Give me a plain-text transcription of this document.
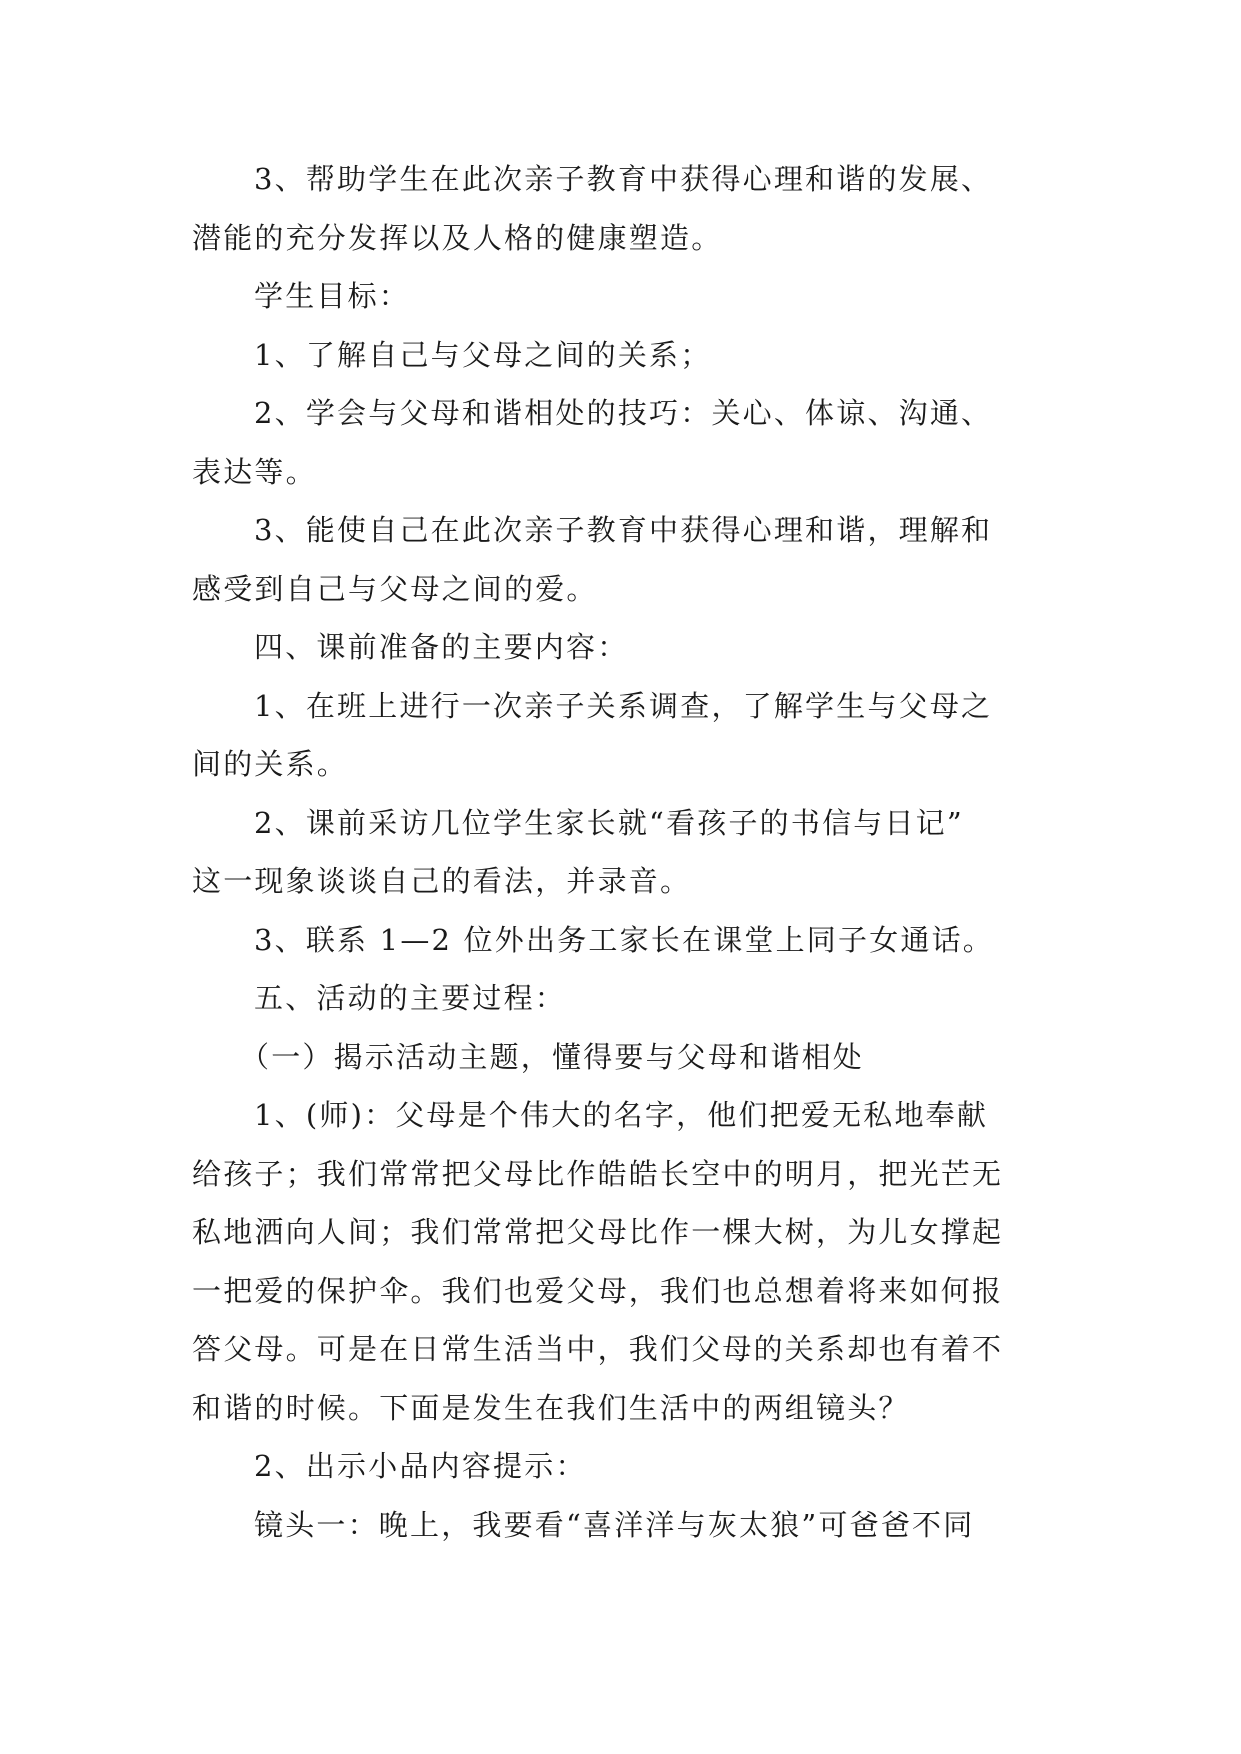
3、帮助学生在此次亲子教育中获得心理和谐的发展、
潜能的充分发挥以及人格的健康塑造。

学生目标：

1、了解自己与父母之间的关系；

2、学会与父母和谐相处的技巧：关心、体谅、沟通、
表达等。

3、能使自己在此次亲子教育中获得心理和谐，理解和
感受到自己与父母之间的爱。

四、课前准备的主要内容：

1、在班上进行一次亲子关系调查，了解学生与父母之
间的关系。

2、课前采访几位学生家长就“看孩子的书信与日记”
这一现象谈谈自己的看法，并录音。

3、联系 1—2 位外出务工家长在课堂上同子女通话。

五、活动的主要过程：

（一）揭示活动主题，懂得要与父母和谐相处

1、(师)：父母是个伟大的名字，他们把爱无私地奉献
给孩子；我们常常把父母比作皓皓长空中的明月，把光芒无
私地洒向人间；我们常常把父母比作一棵大树，为儿女撑起
一把爱的保护伞。我们也爱父母，我们也总想着将来如何报
答父母。可是在日常生活当中，我们父母的关系却也有着不
和谐的时候。下面是发生在我们生活中的两组镜头？

2、出示小品内容提示：

镜头一：晚上，我要看“喜洋洋与灰太狼”可爸爸不同
